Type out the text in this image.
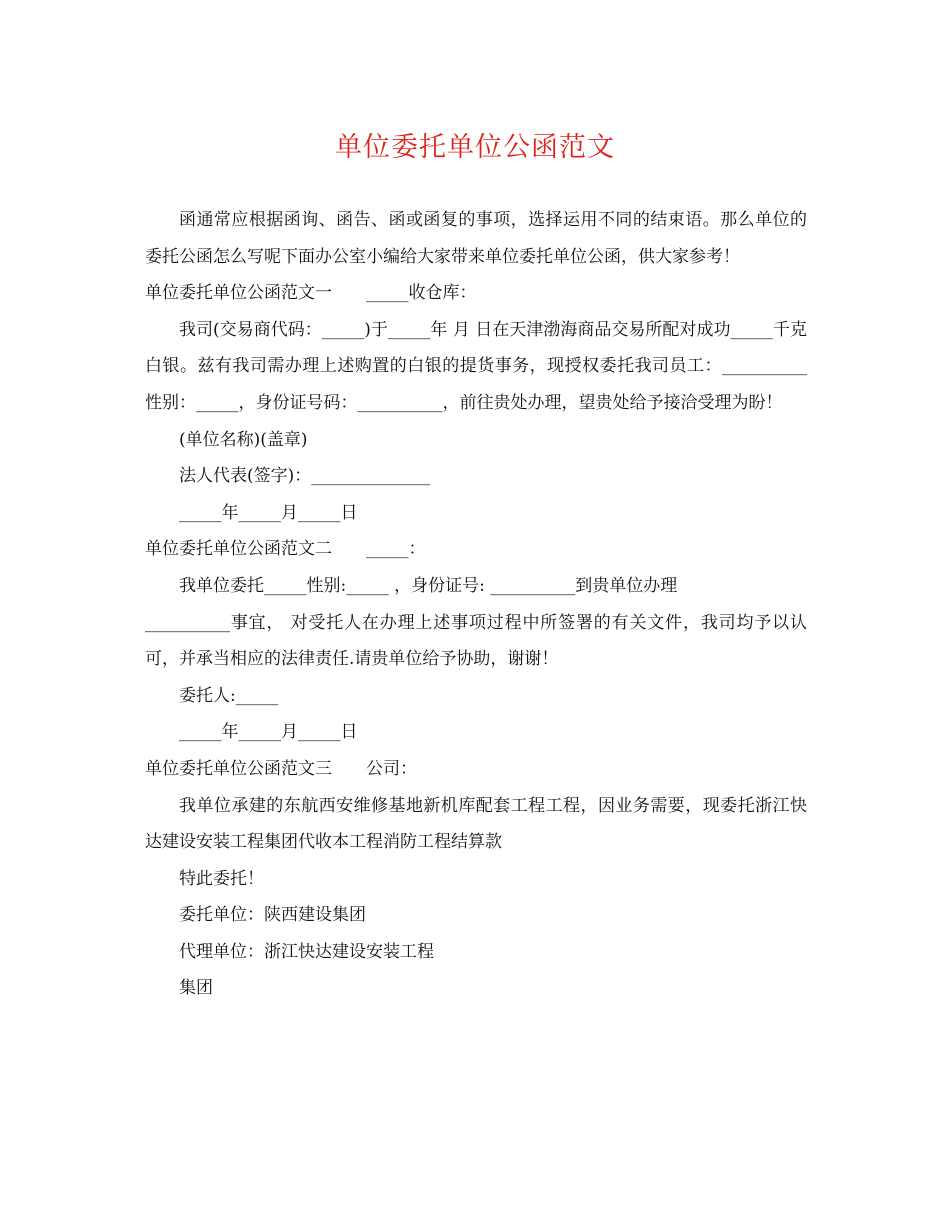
单位委托单位公函范文

函通常应根据函询、函告、函或函复的事项，选择运用不同的结束语。那么单位的委托公函怎么写呢下面办公室小编给大家带来单位委托单位公函，供大家参考！

单位委托单位公函范文一　　_____收仓库：

我司(交易商代码：_____)于_____年 月 日在天津渤海商品交易所配对成功_____千克白银。兹有我司需办理上述购置的白银的提货事务，现授权委托我司员工：__________性别：_____，身份证号码：__________，前往贵处办理，望贵处给予接洽受理为盼！

(单位名称)(盖章)

法人代表(签字)：______________

_____年_____月_____日

单位委托单位公函范文二　　_____：

我单位委托_____性别:_____ ，身份证号: __________到贵单位办理

__________事宜， 对受托人在办理上述事项过程中所签署的有关文件，我司均予以认可，并承当相应的法律责任.请贵单位给予协助，谢谢！

委托人:_____

_____年_____月_____日

单位委托单位公函范文三　　公司：

我单位承建的东航西安维修基地新机库配套工程工程，因业务需要，现委托浙江快达建设安装工程集团代收本工程消防工程结算款

特此委托！

委托单位：陕西建设集团

代理单位：浙江快达建设安装工程

集团
